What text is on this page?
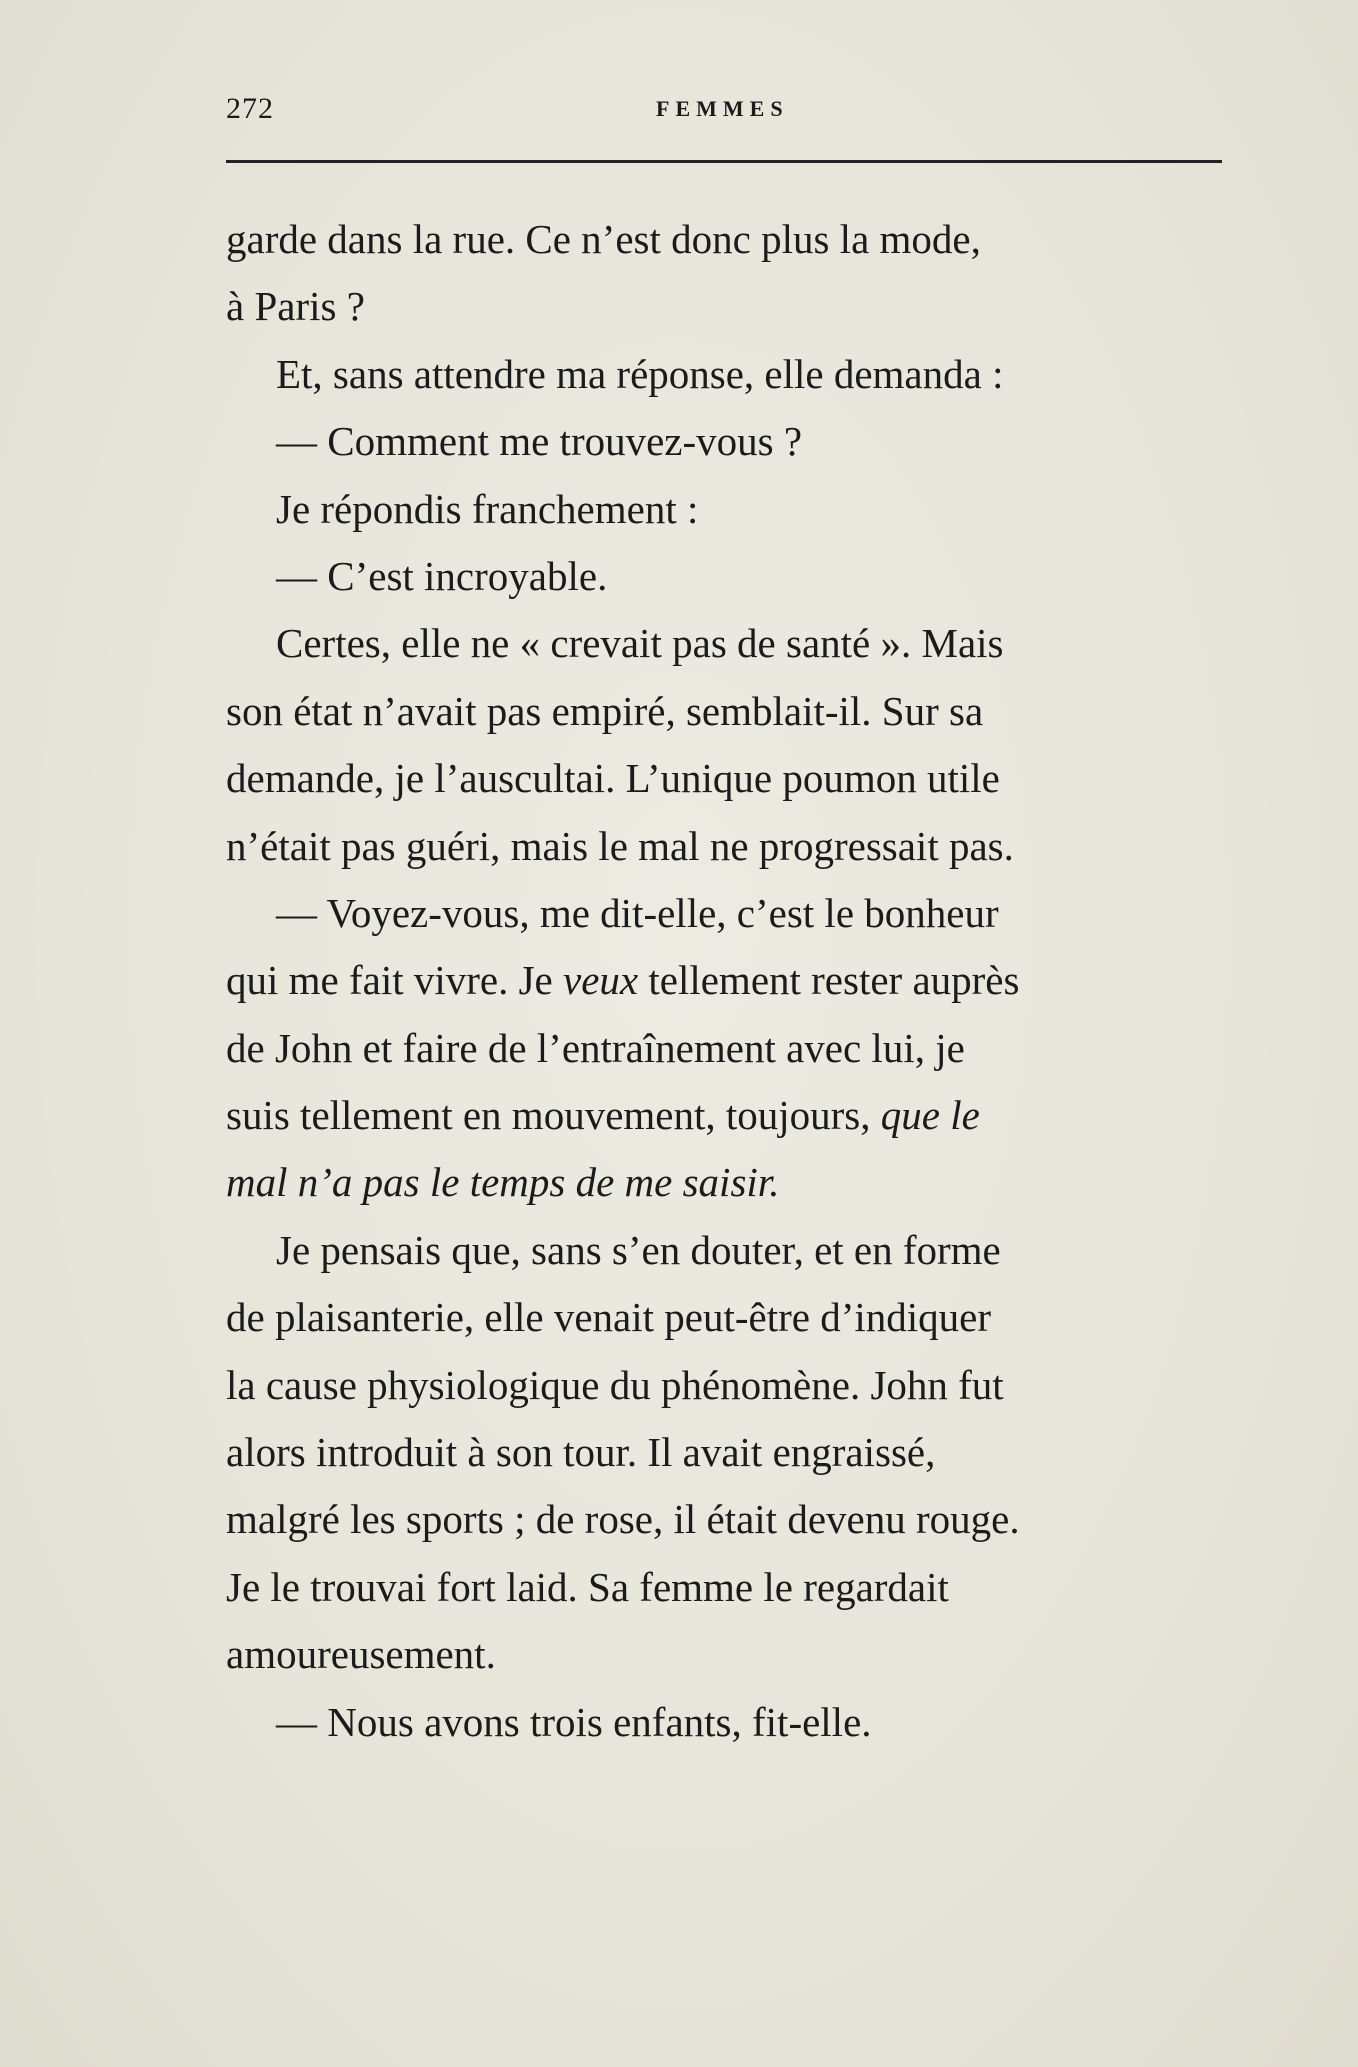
272	FEMMES
garde dans la rue. Ce n’est donc plus la mode,
à Paris ?
Et, sans attendre ma réponse, elle demanda :
— Comment me trouvez-vous ?
Je répondis franchement :
— C’est incroyable.
Certes, elle ne « crevait pas de santé ». Mais
son état n’avait pas empiré, semblait-il. Sur sa
demande, je l’auscultai. L’unique poumon utile
n’était pas guéri, mais le mal ne progressait pas.
— Voyez-vous, me dit-elle, c’est le bonheur
qui me fait vivre. Je veux tellement rester auprès
de John et faire de l’entraînement avec lui, je
suis tellement en mouvement, toujours, que le
mal n’a pas le temps de me saisir.
Je pensais que, sans s’en douter, et en forme
de plaisanterie, elle venait peut-être d’indiquer
la cause physiologique du phénomène. John fut
alors introduit à son tour. Il avait engraissé,
malgré les sports ; de rose, il était devenu rouge.
Je le trouvai fort laid. Sa femme le regardait
amoureusement.
— Nous avons trois enfants, fit-elle.
